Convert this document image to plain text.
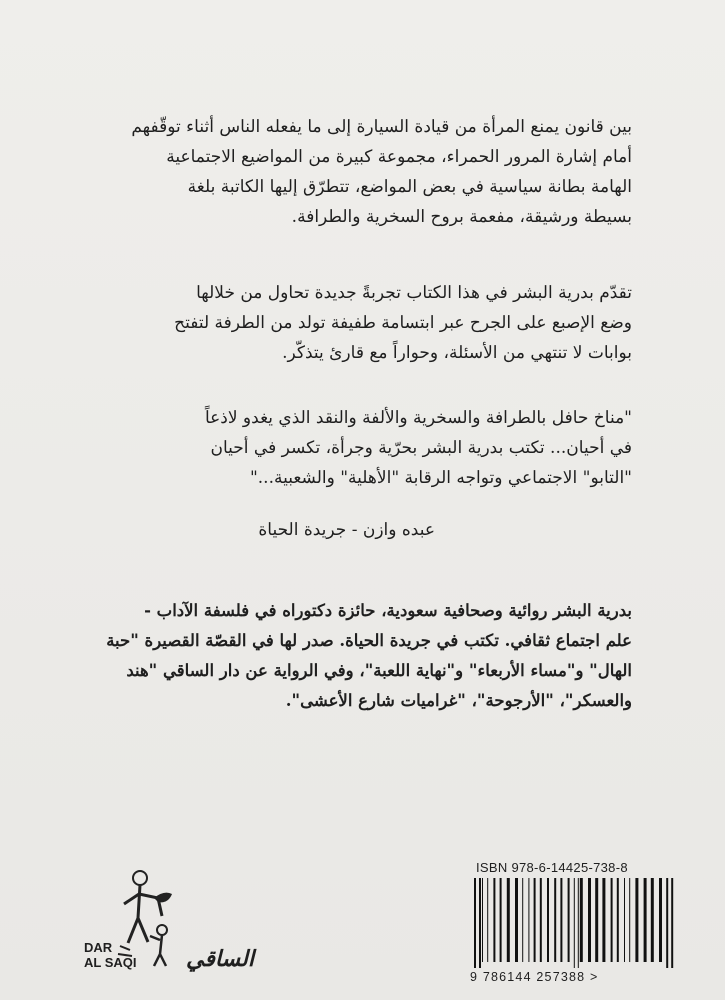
بين قانون يمنع المرأة من قيادة السيارة إلى ما يفعله الناس أثناء توقّفهم
أمام إشارة المرور الحمراء، مجموعة كبيرة من المواضيع الاجتماعية
الهامة بطانة سياسية في بعض المواضع، تتطرّق إليها الكاتبة بلغة
بسيطة ورشيقة، مفعمة بروح السخرية والطرافة.
تقدّم بدرية البشر في هذا الكتاب تجربةً جديدة تحاول من خلالها
وضع الإصبع على الجرح عبر ابتسامة طفيفة تولد من الطرفة لتفتح
بوابات لا تنتهي من الأسئلة، وحواراً مع قارئ يتذكّر.
"مناخ حافل بالطرافة والسخرية والألفة والنقد الذي يغدو لاذعاً
في أحيان... تكتب بدرية البشر بحرّية وجرأة، تكسر في أحيان
"التابو" الاجتماعي وتواجه الرقابة "الأهلية" والشعبية..."
عبده وازن - جريدة الحياة
بدرية البشر روائية وصحافية سعودية، حائزة دكتوراه في فلسفة الآداب -
علم اجتماع ثقافي. تكتب في جريدة الحياة. صدر لها في القصّة القصيرة "حبة
الهال" و"مساء الأربعاء" و"نهاية اللعبة"، وفي الرواية عن دار الساقي "هند
والعسكر"، "الأرجوحة"، "غراميات شارع الأعشى".
ISBN 978-6-14425-738-8
9 786144 257388 >
DAR
AL SAQI	الساقي
